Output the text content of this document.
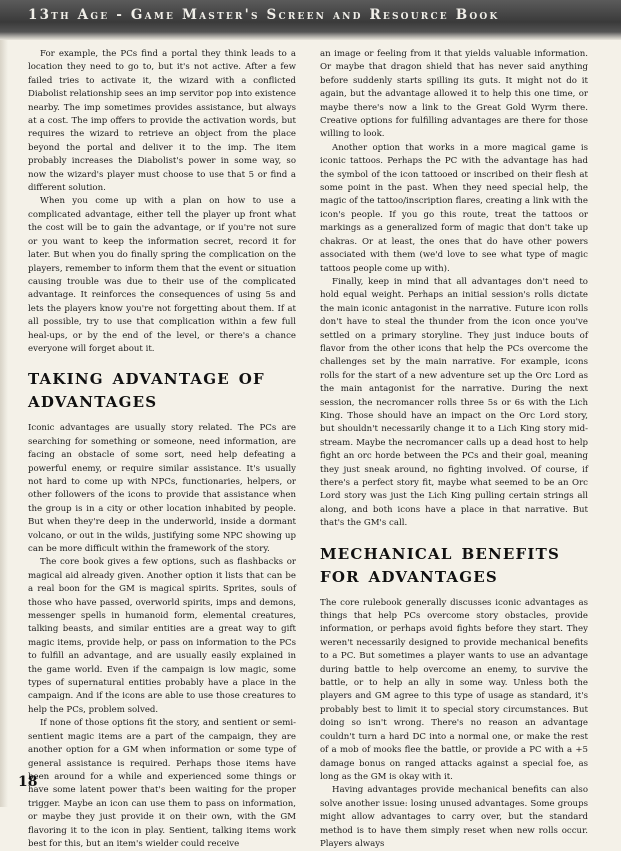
13th Age - Game Master's Screen and Resource Book

For example, the PCs find a portal they think leads to a location they need to go to, but it's not active. After a few failed tries to activate it, the wizard with a conflicted Diabolist relationship sees an imp servitor pop into existence nearby. The imp sometimes provides assistance, but always at a cost. The imp offers to provide the activation words, but requires the wizard to retrieve an object from the place beyond the portal and deliver it to the imp. The item probably increases the Diabolist's power in some way, so now the wizard's player must choose to use that 5 or find a different solution.

When you come up with a plan on how to use a complicated advantage, either tell the player up front what the cost will be to gain the advantage, or if you're not sure or you want to keep the information secret, record it for later. But when you do finally spring the complication on the players, remember to inform them that the event or situation causing trouble was due to their use of the complicated advantage. It reinforces the consequences of using 5s and lets the players know you're not forgetting about them. If at all possible, try to use that complication within a few full heal-ups, or by the end of the level, or there's a chance everyone will forget about it.

taking advantage of advantages

Iconic advantages are usually story related. The PCs are searching for something or someone, need information, are facing an obstacle of some sort, need help defeating a powerful enemy, or require similar assistance. It's usually not hard to come up with NPCs, functionaries, helpers, or other followers of the icons to provide that assistance when the group is in a city or other location inhabited by people. But when they're deep in the underworld, inside a dormant volcano, or out in the wilds, justifying some NPC showing up can be more difficult within the framework of the story.

The core book gives a few options, such as flashbacks or magical aid already given. Another option it lists that can be a real boon for the GM is magical spirits. Sprites, souls of those who have passed, overworld spirits, imps and demons, messenger spells in humanoid form, elemental creatures, talking beasts, and similar entities are a great way to gift magic items, provide help, or pass on information to the PCs to fulfill an advantage, and are usually easily explained in the game world. Even if the campaign is low magic, some types of supernatural entities probably have a place in the campaign. And if the icons are able to use those creatures to help the PCs, problem solved.

If none of those options fit the story, and sentient or semi-sentient magic items are a part of the campaign, they are another option for a GM when information or some type of general assistance is required. Perhaps those items have been around for a while and experienced some things or have some latent power that's been waiting for the proper trigger. Maybe an icon can use them to pass on information, or maybe they just provide it on their own, with the GM flavoring it to the icon in play. Sentient, talking items work best for this, but an item's wielder could receive

an image or feeling from it that yields valuable information. Or maybe that dragon shield that has never said anything before suddenly starts spilling its guts. It might not do it again, but the advantage allowed it to help this one time, or maybe there's now a link to the Great Gold Wyrm there. Creative options for fulfilling advantages are there for those willing to look.

Another option that works in a more magical game is iconic tattoos. Perhaps the PC with the advantage has had the symbol of the icon tattooed or inscribed on their flesh at some point in the past. When they need special help, the magic of the tattoo/inscription flares, creating a link with the icon's people. If you go this route, treat the tattoos or markings as a generalized form of magic that don't take up chakras. Or at least, the ones that do have other powers associated with them (we'd love to see what type of magic tattoos people come up with).

Finally, keep in mind that all advantages don't need to hold equal weight. Perhaps an initial session's rolls dictate the main iconic antagonist in the narrative. Future icon rolls don't have to steal the thunder from the icon once you've settled on a primary storyline. They just induce bouts of flavor from the other icons that help the PCs overcome the challenges set by the main narrative. For example, icons rolls for the start of a new adventure set up the Orc Lord as the main antagonist for the narrative. During the next session, the necromancer rolls three 5s or 6s with the Lich King. Those should have an impact on the Orc Lord story, but shouldn't necessarily change it to a Lich King story mid-stream. Maybe the necromancer calls up a dead host to help fight an orc horde between the PCs and their goal, meaning they just sneak around, no fighting involved. Of course, if there's a perfect story fit, maybe what seemed to be an Orc Lord story was just the Lich King pulling certain strings all along, and both icons have a place in that narrative. But that's the GM's call.

mechanical benefits for advantages

The core rulebook generally discusses iconic advantages as things that help PCs overcome story obstacles, provide information, or perhaps avoid fights before they start. They weren't necessarily designed to provide mechanical benefits to a PC. But sometimes a player wants to use an advantage during battle to help overcome an enemy, to survive the battle, or to help an ally in some way. Unless both the players and GM agree to this type of usage as standard, it's probably best to limit it to special story circumstances. But doing so isn't wrong. There's no reason an advantage couldn't turn a hard DC into a normal one, or make the rest of a mob of mooks flee the battle, or provide a PC with a +5 damage bonus on ranged attacks against a special foe, as long as the GM is okay with it.

Having advantages provide mechanical benefits can also solve another issue: losing unused advantages. Some groups might allow advantages to carry over, but the standard method is to have them simply reset when new rolls occur. Players always

18
